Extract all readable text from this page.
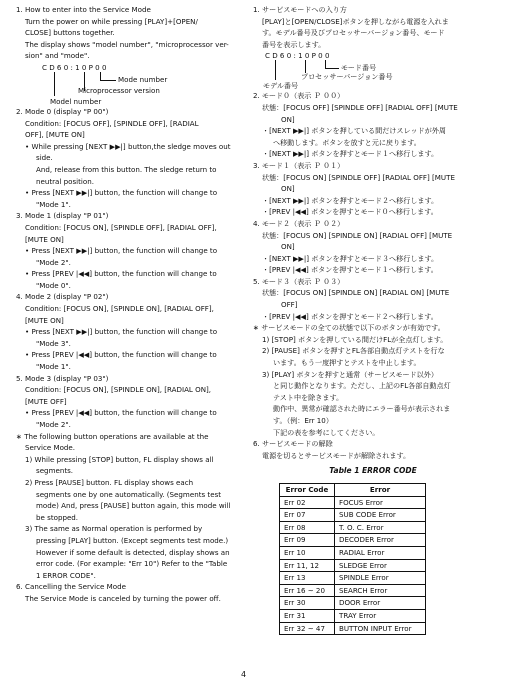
1. How to enter into the Service Mode
Turn the power on while pressing [PLAY]+[OPEN/
CLOSE] buttons together.
The display shows "model number", "microprocessor ver-
sion" and "mode".
C D 6 0 : 1 0 P 0 0
Mode number
Microprocessor version
Model number
2. Mode 0 (display "P 00")
Condition: [FOCUS OFF], [SPINDLE OFF], [RADIAL
OFF], [MUTE ON]
• While pressing [NEXT ▶▶|] button,the sledge moves out
side.
And, release from this button. The sledge return to
neutral position.
• Press [NEXT ▶▶|] button, the function will change to
"Mode 1".
3. Mode 1 (display "P 01")
Condition: [FOCUS ON], [SPINDLE OFF], [RADIAL OFF],
[MUTE ON]
• Press [NEXT ▶▶|] button, the function will change to
"Mode 2".
• Press [PREV |◀◀] button, the function will change to
"Mode 0".
4. Mode 2 (display "P 02")
Condition: [FOCUS ON], [SPINDLE ON], [RADIAL OFF],
[MUTE ON]
• Press [NEXT ▶▶|] button, the function will change to
"Mode 3".
• Press [PREV |◀◀] button, the function will change to
"Mode 1".
5. Mode 3 (display "P 03")
Condition: [FOCUS ON], [SPINDLE ON], [RADIAL ON],
[MUTE OFF]
• Press [PREV |◀◀] button, the function will change to
"Mode 2".
∗ The following button operations are available at the
Service Mode.
1) While pressing [STOP] button, FL display shows all
segments.
2) Press [PAUSE] button. FL display shows each
segments one by one automatically. (Segments test
mode) And, press [PAUSE] button again, this mode will
be stopped.
3) The same as Normal operation is performed by
pressing [PLAY] button. (Except segments test mode.)
However if some default is detected, display shows an
error code. (For example: "Err 10") Refer to the "Table
1 ERROR CODE".
6. Cancelling the Service Mode
The Service Mode is canceled by turning the power off.
1. サービスモードへの入り方
[PLAY]と[OPEN/CLOSE]ボタンを押しながら電源を入れま
す。モデル番号及びプロセッサーバージョン番号、モード
番号を表示します。
C D 6 0 : 1 0 P 0 0
モード番号
プロセッサーバージョン番号
モデル番号
2. モード０（表示 Ｐ ００）
状態：[FOCUS OFF] [SPINDLE OFF] [RADIAL OFF] [MUTE
ON]
・[NEXT ▶▶|] ボタンを押している間だけスレッドが外周
へ移動します。ボタンを放すと元に戻ります。
・[NEXT ▶▶|] ボタンを押すとモード１へ移行します。
3. モード１（表示 Ｐ ０１）
状態：[FOCUS ON] [SPINDLE OFF] [RADIAL OFF] [MUTE
ON]
・[NEXT ▶▶|] ボタンを押すとモード２へ移行します。
・[PREV |◀◀] ボタンを押すとモード０へ移行します。
4. モード２（表示 Ｐ ０２）
状態：[FOCUS ON] [SPINDLE ON] [RADIAL OFF] [MUTE
ON]
・[NEXT ▶▶|] ボタンを押すとモード３へ移行します。
・[PREV |◀◀] ボタンを押すとモード１へ移行します。
5. モード３（表示 Ｐ ０３）
状態：[FOCUS ON] [SPINDLE ON] [RADIAL ON] [MUTE
OFF]
・[PREV |◀◀] ボタンを押すとモード２へ移行します。
∗ サービスモードの全ての状態で以下のボタンが有効です。
1) [STOP] ボタンを押している間だけFLが全点灯します。
2) [PAUSE] ボタンを押すとFL各部自動点灯テストを行な
います。もう一度押すとテストを中止します。
3) [PLAY] ボタンを押すと通常（サービスモード以外）
と同じ動作となります。ただし、上記のFL各部自動点灯
テスト中を除きます。
動作中、異常が確認された時にエラー番号が表示されま
す。（例：Err 10）
下記の表を参考にしてください。
6. サービスモードの解除
電源を切るとサービスモードが解除されます。
Table 1 ERROR CODE
Error Code	Error
Err 02	FOCUS Error
Err 07	SUB CODE Error
Err 08	T. O. C. Error
Err 09	DECODER Error
Err 10	RADIAL Error
Err 11, 12	SLEDGE Error
Err 13	SPINDLE Error
Err 16 ~ 20	SEARCH Error
Err 30	DOOR Error
Err 31	TRAY Error
Err 32 ~ 47	BUTTON INPUT Error
4
